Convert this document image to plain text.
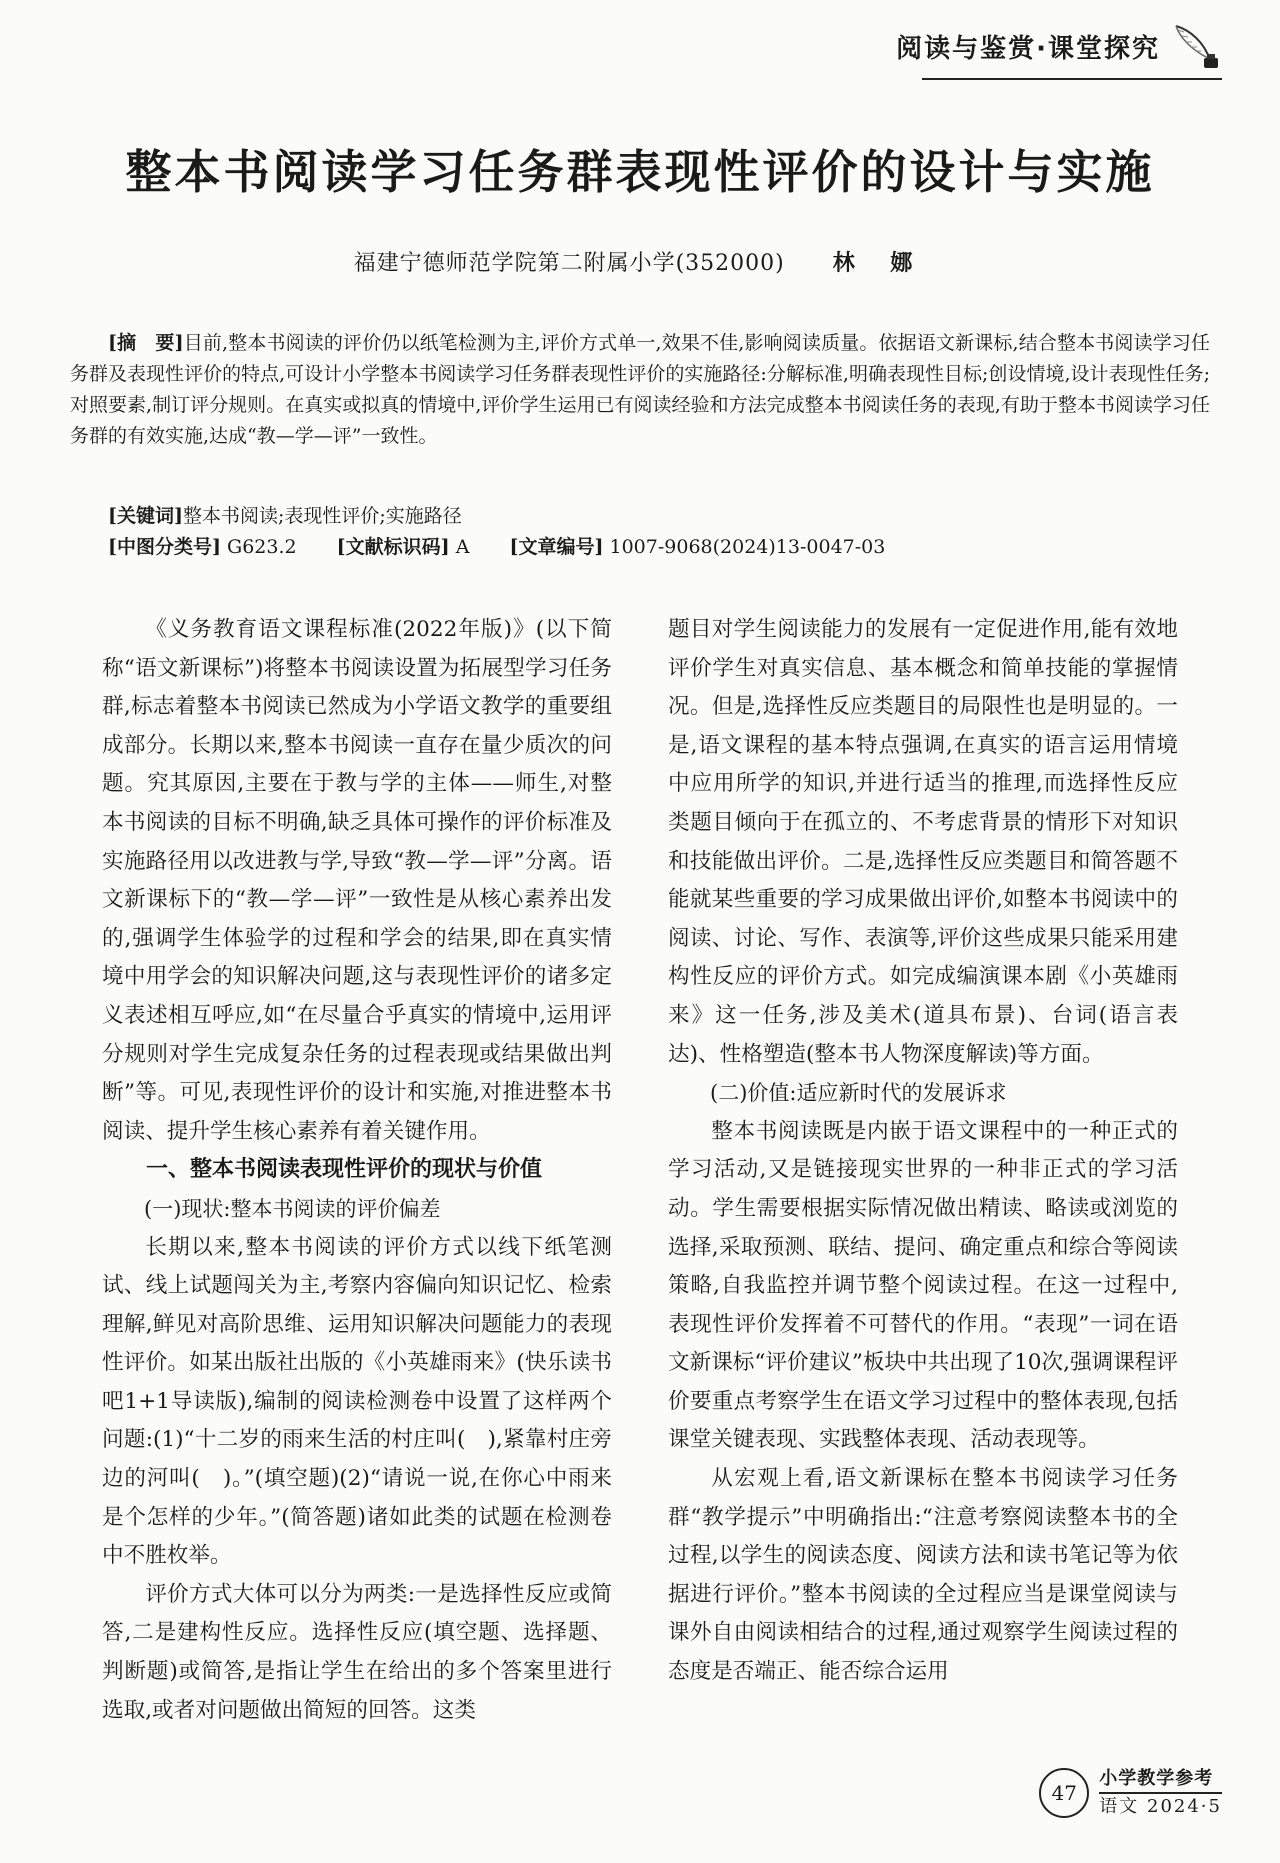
阅读与鉴赏·课堂探究
整本书阅读学习任务群表现性评价的设计与实施
福建宁德师范学院第二附属小学(352000) 林 娜
[摘　要]目前,整本书阅读的评价仍以纸笔检测为主,评价方式单一,效果不佳,影响阅读质量。依据语文新课标,结合整本书阅读学习任务群及表现性评价的特点,可设计小学整本书阅读学习任务群表现性评价的实施路径:分解标准,明确表现性目标;创设情境,设计表现性任务;对照要素,制订评分规则。在真实或拟真的情境中,评价学生运用已有阅读经验和方法完成整本书阅读任务的表现,有助于整本书阅读学习任务群的有效实施,达成“教—学—评”一致性。
[关键词]整本书阅读;表现性评价;实施路径
[中图分类号] G623.2 [文献标识码] A [文章编号] 1007-9068(2024)13-0047-03

《义务教育语文课程标准(2022年版)》(以下简称“语文新课标”)将整本书阅读设置为拓展型学习任务群,标志着整本书阅读已然成为小学语文教学的重要组成部分。长期以来,整本书阅读一直存在量少质次的问题。究其原因,主要在于教与学的主体——师生,对整本书阅读的目标不明确,缺乏具体可操作的评价标准及实施路径用以改进教与学,导致“教—学—评”分离。语文新课标下的“教—学—评”一致性是从核心素养出发的,强调学生体验学的过程和学会的结果,即在真实情境中用学会的知识解决问题,这与表现性评价的诸多定义表述相互呼应,如“在尽量合乎真实的情境中,运用评分规则对学生完成复杂任务的过程表现或结果做出判断”等。可见,表现性评价的设计和实施,对推进整本书阅读、提升学生核心素养有着关键作用。

一、整本书阅读表现性评价的现状与价值
(一)现状:整本书阅读的评价偏差

长期以来,整本书阅读的评价方式以线下纸笔测试、线上试题闯关为主,考察内容偏向知识记忆、检索理解,鲜见对高阶思维、运用知识解决问题能力的表现性评价。如某出版社出版的《小英雄雨来》(快乐读书吧1+1导读版),编制的阅读检测卷中设置了这样两个问题:(1)“十二岁的雨来生活的村庄叫(　),紧靠村庄旁边的河叫(　)。”(填空题)(2)“请说一说,在你心中雨来是个怎样的少年。”(简答题)诸如此类的试题在检测卷中不胜枚举。

评价方式大体可以分为两类:一是选择性反应或简答,二是建构性反应。选择性反应(填空题、选择题、判断题)或简答,是指让学生在给出的多个答案里进行选取,或者对问题做出简短的回答。这类

题目对学生阅读能力的发展有一定促进作用,能有效地评价学生对真实信息、基本概念和简单技能的掌握情况。但是,选择性反应类题目的局限性也是明显的。一是,语文课程的基本特点强调,在真实的语言运用情境中应用所学的知识,并进行适当的推理,而选择性反应类题目倾向于在孤立的、不考虑背景的情形下对知识和技能做出评价。二是,选择性反应类题目和简答题不能就某些重要的学习成果做出评价,如整本书阅读中的阅读、讨论、写作、表演等,评价这些成果只能采用建构性反应的评价方式。如完成编演课本剧《小英雄雨来》这一任务,涉及美术(道具布景)、台词(语言表达)、性格塑造(整本书人物深度解读)等方面。

(二)价值:适应新时代的发展诉求

整本书阅读既是内嵌于语文课程中的一种正式的学习活动,又是链接现实世界的一种非正式的学习活动。学生需要根据实际情况做出精读、略读或浏览的选择,采取预测、联结、提问、确定重点和综合等阅读策略,自我监控并调节整个阅读过程。在这一过程中,表现性评价发挥着不可替代的作用。“表现”一词在语文新课标“评价建议”板块中共出现了10次,强调课程评价要重点考察学生在语文学习过程中的整体表现,包括课堂关键表现、实践整体表现、活动表现等。

从宏观上看,语文新课标在整本书阅读学习任务群“教学提示”中明确指出:“注意考察阅读整本书的全过程,以学生的阅读态度、阅读方法和读书笔记等为依据进行评价。”整本书阅读的全过程应当是课堂阅读与课外自由阅读相结合的过程,通过观察学生阅读过程的态度是否端正、能否综合运用

47
小学教学参考
语文 2024·5
